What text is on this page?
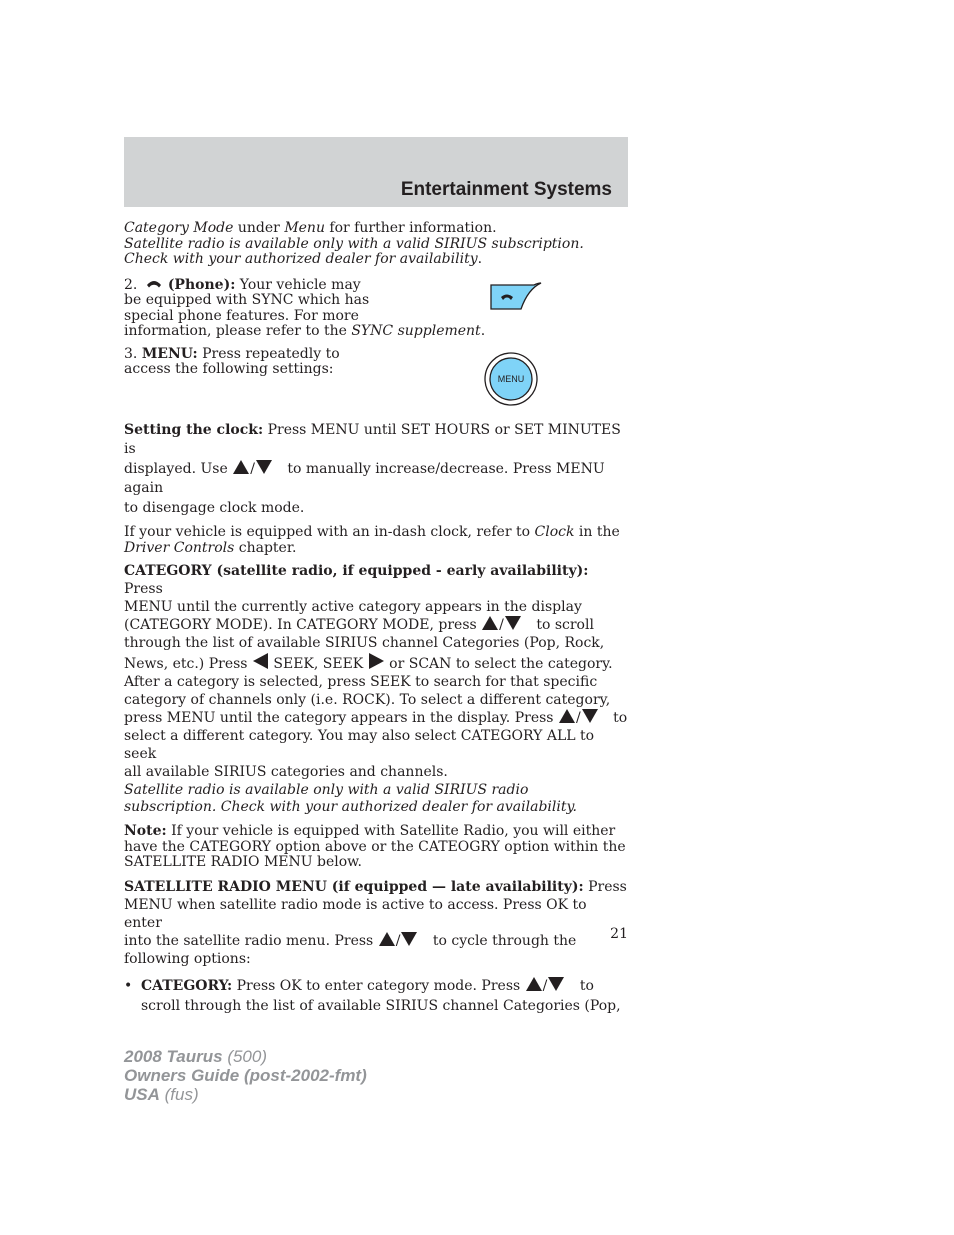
Entertainment Systems
MENU

Category Mode under Menu for further information.
Satellite radio is available only with a valid SIRIUS subscription.
Check with your authorized dealer for availability.

2. (Phone): Your vehicle may
be equipped with SYNC which has
special phone features. For more
information, please refer to the SYNC supplement.

3. MENU: Press repeatedly to
access the following settings:

Setting the clock: Press MENU until SET HOURS or SET MINUTES is
displayed. Use / to manually increase/decrease. Press MENU again
to disengage clock mode.

If your vehicle is equipped with an in-dash clock, refer to Clock in the
Driver Controls chapter.

CATEGORY (satellite radio, if equipped - early availability): Press
MENU until the currently active category appears in the display
(CATEGORY MODE). In CATEGORY MODE, press / to scroll
through the list of available SIRIUS channel Categories (Pop, Rock,
News, etc.) Press  SEEK, SEEK  or SCAN to select the category.
After a category is selected, press SEEK to search for that specific
category of channels only (i.e. ROCK). To select a different category,
press MENU until the category appears in the display. Press / to
select a different category. You may also select CATEGORY ALL to seek
all available SIRIUS categories and channels.
Satellite radio is available only with a valid SIRIUS radio
subscription. Check with your authorized dealer for availability.

Note: If your vehicle is equipped with Satellite Radio, you will either
have the CATEGORY option above or the CATEOGRY option within the
SATELLITE RADIO MENU below.

SATELLITE RADIO MENU (if equipped — late availability): Press
MENU when satellite radio mode is active to access. Press OK to enter
into the satellite radio menu. Press / to cycle through the
following options:

• CATEGORY: Press OK to enter category mode. Press / to
scroll through the list of available SIRIUS channel Categories (Pop,

21
2008 Taurus (500)
Owners Guide (post-2002-fmt)
USA (fus)
